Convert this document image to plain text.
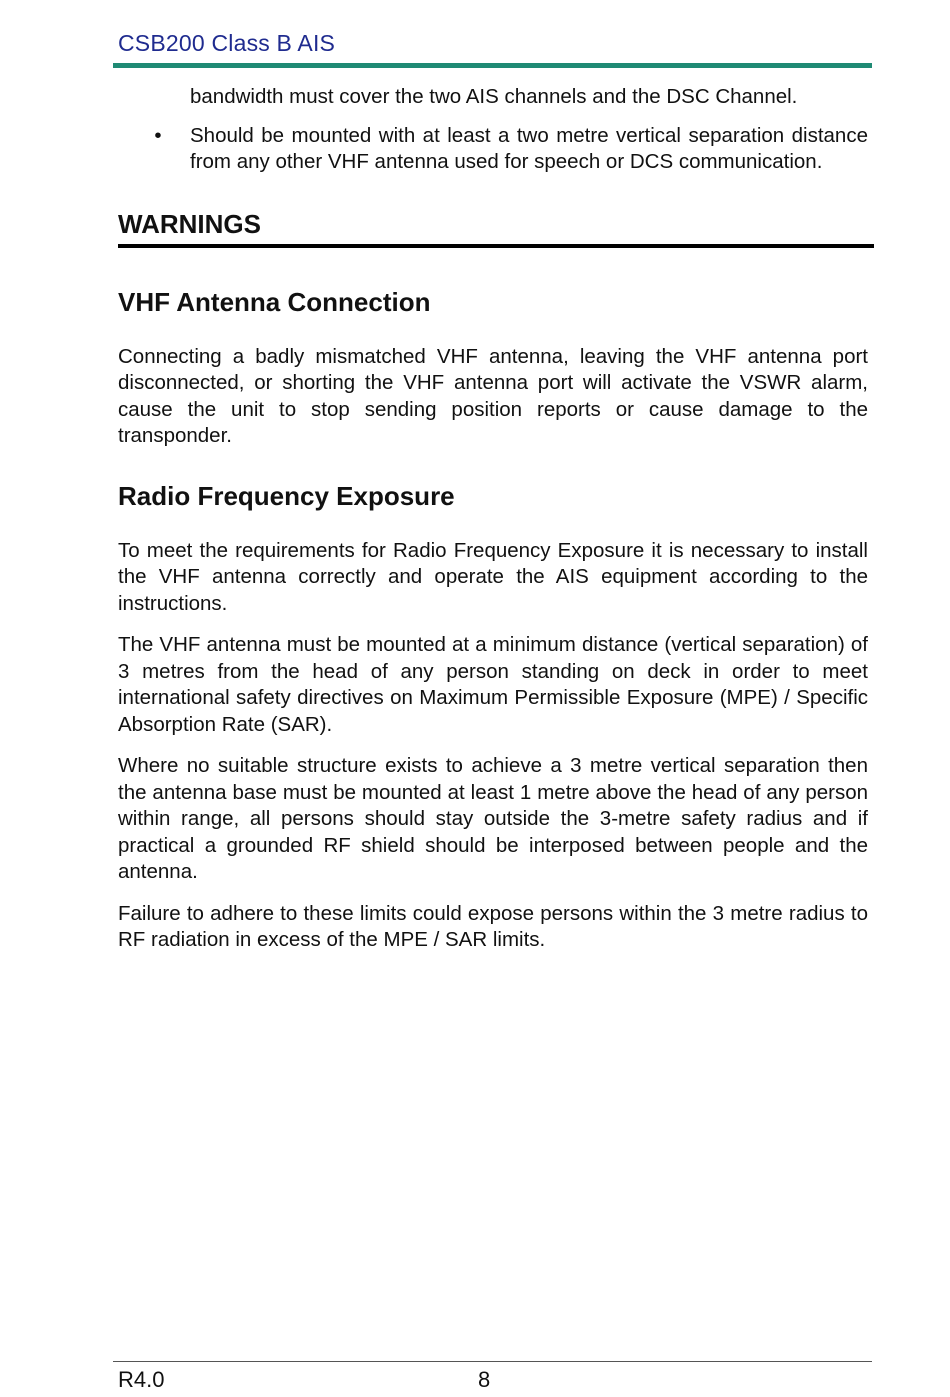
CSB200 Class B AIS

bandwidth must cover the two AIS channels and the DSC Channel.

•	Should be mounted with at least a two metre vertical separation distance from any other VHF antenna used for speech or DCS communication.
WARNINGS
VHF Antenna Connection

Connecting a badly mismatched VHF antenna, leaving the VHF antenna port disconnected, or shorting the VHF antenna port will activate the VSWR alarm, cause the unit to stop sending position reports or cause damage to the transponder.

Radio Frequency Exposure

To meet the requirements for Radio Frequency Exposure it is necessary to install the VHF antenna correctly and operate the AIS equipment according to the instructions.

The VHF antenna must be mounted at a minimum distance (vertical separation) of 3 metres from the head of any person standing on deck in order to meet international safety directives on Maximum Permissible Exposure (MPE) / Specific Absorption Rate (SAR).

Where no suitable structure exists to achieve a 3 metre vertical separation then the antenna base must be mounted at least 1 metre above the head of any person within range, all persons should stay outside the 3-metre safety radius and if practical a grounded RF shield should be interposed between people and the antenna.

Failure to adhere to these limits could expose persons within the 3 metre radius to RF radiation in excess of the MPE / SAR limits.

R4.0	8
